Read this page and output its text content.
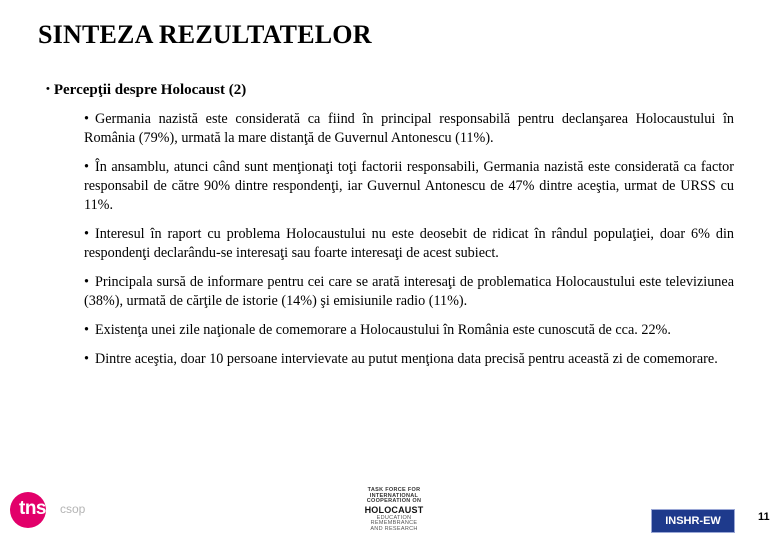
SINTEZA REZULTATELOR
• Percepţii despre Holocaust (2)
• Germania nazistă este considerată ca fiind în principal responsabilă pentru declanşarea Holocaustului în România (79%), urmată la mare distanţă de Guvernul Antonescu (11%).
• În ansamblu, atunci când sunt menţionaţi toţi factorii responsabili, Germania nazistă este considerată ca factor responsabil de către 90% dintre respondenţi, iar Guvernul Antonescu de 47% dintre aceştia, urmat de URSS cu 11%.
• Interesul în raport cu problema Holocaustului nu este deosebit de ridicat în rândul populaţiei, doar 6% din respondenţi declarându-se interesaţi sau foarte interesaţi de acest subiect.
• Principala sursă de informare pentru cei care se arată interesaţi de problematica Holocaustului este televiziunea (38%), urmată de cărţile de istorie (14%) şi emisiunile radio (11%).
• Existenţa unei zile naţionale de comemorare a Holocaustului în România este cunoscută de cca. 22%.
• Dintre aceştia, doar 10 persoane intervievate au putut menţiona data precisă pentru această zi de comemorare.
tns csop
TASK FORCE FOR
INTERNATIONAL
COOPERATION ON
HOLOCAUST
EDUCATION
REMEMBRANCE
AND RESEARCH
INSHR-EW	11
